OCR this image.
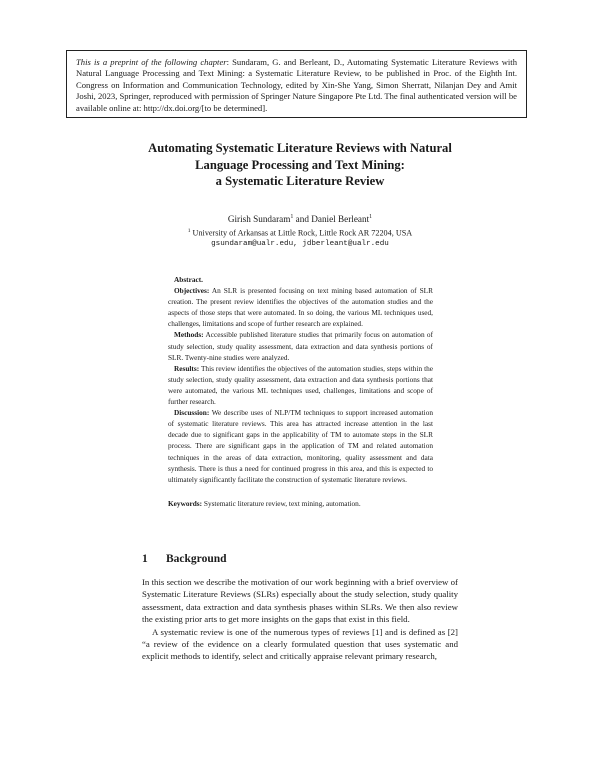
This is a preprint of the following chapter: Sundaram, G. and Berleant, D., Automating Systematic Literature Reviews with Natural Language Processing and Text Mining: a Systematic Literature Review, to be published in Proc. of the Eighth Int. Congress on Information and Communication Technology, edited by Xin-She Yang, Simon Sherratt, Nilanjan Dey and Amit Joshi, 2023, Springer, reproduced with permission of Springer Nature Singapore Pte Ltd. The final authenticated version will be available online at: http://dx.doi.org/[to be determined].
Automating Systematic Literature Reviews with Natural
Language Processing and Text Mining:
a Systematic Literature Review
Girish Sundaram$^1$ and Daniel Berleant$^1$
$^1$ University of Arkansas at Little Rock, Little Rock AR 72204, USA
gsundaram@ualr.edu, jdberleant@ualr.edu

Abstract.

Objectives: An SLR is presented focusing on text mining based automation of SLR creation. The present review identifies the objectives of the automation studies and the aspects of those steps that were automated. In so doing, the various ML techniques used, challenges, limitations and scope of further research are explained.

Methods: Accessible published literature studies that primarily focus on automation of study selection, study quality assessment, data extraction and data synthesis portions of SLR. Twenty-nine studies were analyzed.

Results: This review identifies the objectives of the automation studies, steps within the study selection, study quality assessment, data extraction and data synthesis portions that were automated, the various ML techniques used, challenges, limitations and scope of further research.

Discussion: We describe uses of NLP/TM techniques to support increased automation of systematic literature reviews. This area has attracted increase attention in the last decade due to significant gaps in the applicability of TM to automate steps in the SLR process. There are significant gaps in the application of TM and related automation techniques in the areas of data extraction, monitoring, quality assessment and data synthesis. There is thus a need for continued progress in this area, and this is expected to ultimately significantly facilitate the construction of systematic literature reviews.

Keywords: Systematic literature review, text mining, automation.
1 Background

In this section we describe the motivation of our work beginning with a brief overview of Systematic Literature Reviews (SLRs) especially about the study selection, study quality assessment, data extraction and data synthesis phases within SLRs. We then also review the existing prior arts to get more insights on the gaps that exist in this field.

A systematic review is one of the numerous types of reviews [1] and is defined as [2] “a review of the evidence on a clearly formulated question that uses systematic and explicit methods to identify, select and critically appraise relevant primary research,
